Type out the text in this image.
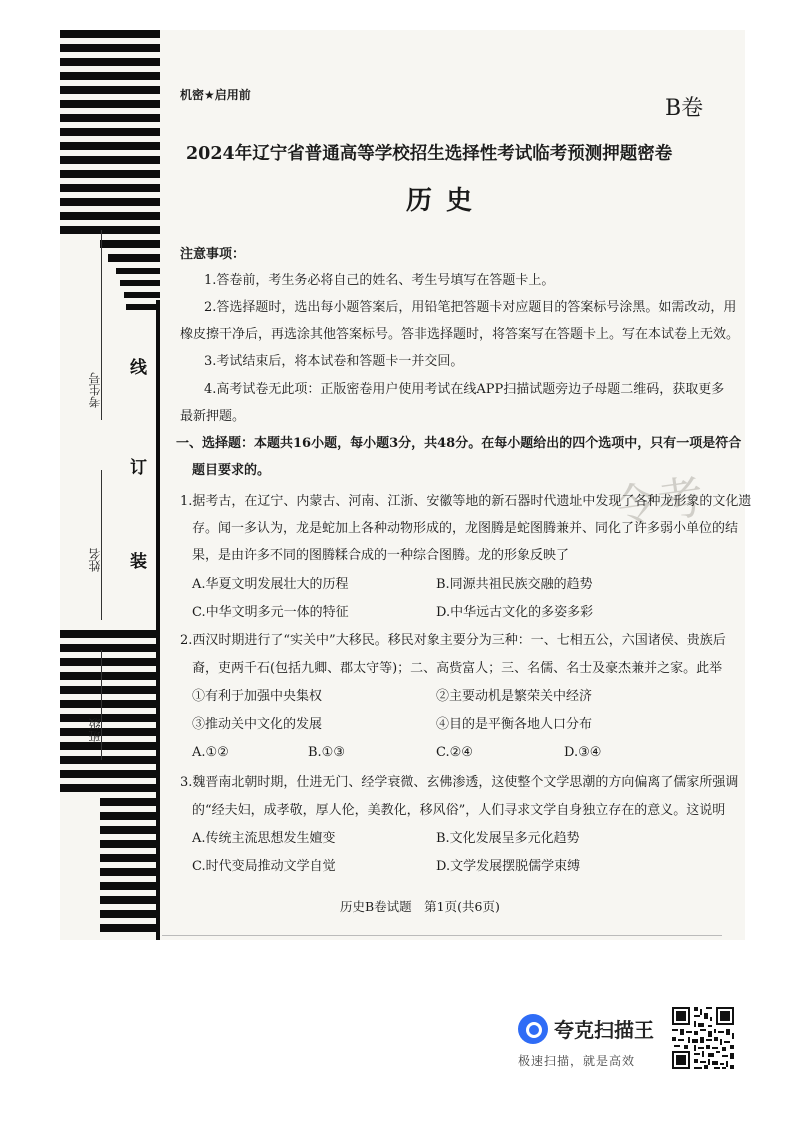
考生号
姓名
班级
线
订
装
机密★启用前
B卷
2024年辽宁省普通高等学校招生选择性考试临考预测押题密卷
历史
注意事项：
1.答卷前，考生务必将自己的姓名、考生号填写在答题卡上。
2.答选择题时，选出每小题答案后，用铅笔把答题卡对应题目的答案标号涂黑。如需改动，用
橡皮擦干净后，再选涂其他答案标号。答非选择题时，将答案写在答题卡上。写在本试卷上无效。
3.考试结束后，将本试卷和答题卡一并交回。
4.高考试卷无此项：正版密卷用户使用考试在线APP扫描试题旁边子母题二维码，获取更多
最新押题。
一、选择题：本题共16小题，每小题3分，共48分。在每小题给出的四个选项中，只有一项是符合
题目要求的。	令考
1.据考古，在辽宁、内蒙古、河南、江浙、安徽等地的新石器时代遗址中发现了各种龙形象的文化遗
存。闻一多认为，龙是蛇加上各种动物形成的，龙图腾是蛇图腾兼并、同化了许多弱小单位的结
果，是由许多不同的图腾糅合成的一种综合图腾。龙的形象反映了
A.华夏文明发展壮大的历程	B.同源共祖民族交融的趋势
C.中华文明多元一体的特征	D.中华远古文化的多姿多彩
2.西汉时期进行了“实关中”大移民。移民对象主要分为三种：一、七相五公，六国诸侯、贵族后
裔，吏两千石(包括九卿、郡太守等)；二、高赀富人；三、名儒、名士及豪杰兼并之家。此举
①有利于加强中央集权	②主要动机是繁荣关中经济
③推动关中文化的发展	④目的是平衡各地人口分布
A.①②	B.①③	C.②④	D.③④
3.魏晋南北朝时期，仕进无门、经学衰微、玄佛渗透，这使整个文学思潮的方向偏离了儒家所强调
的“经夫妇，成孝敬，厚人伦，美教化，移风俗”，人们寻求文学自身独立存在的意义。这说明
A.传统主流思想发生嬗变	B.文化发展呈多元化趋势
C.时代变局推动文学自觉	D.文学发展摆脱儒学束缚
历史B卷试题　第1页(共6页)
夸克扫描王
极速扫描，就是高效
